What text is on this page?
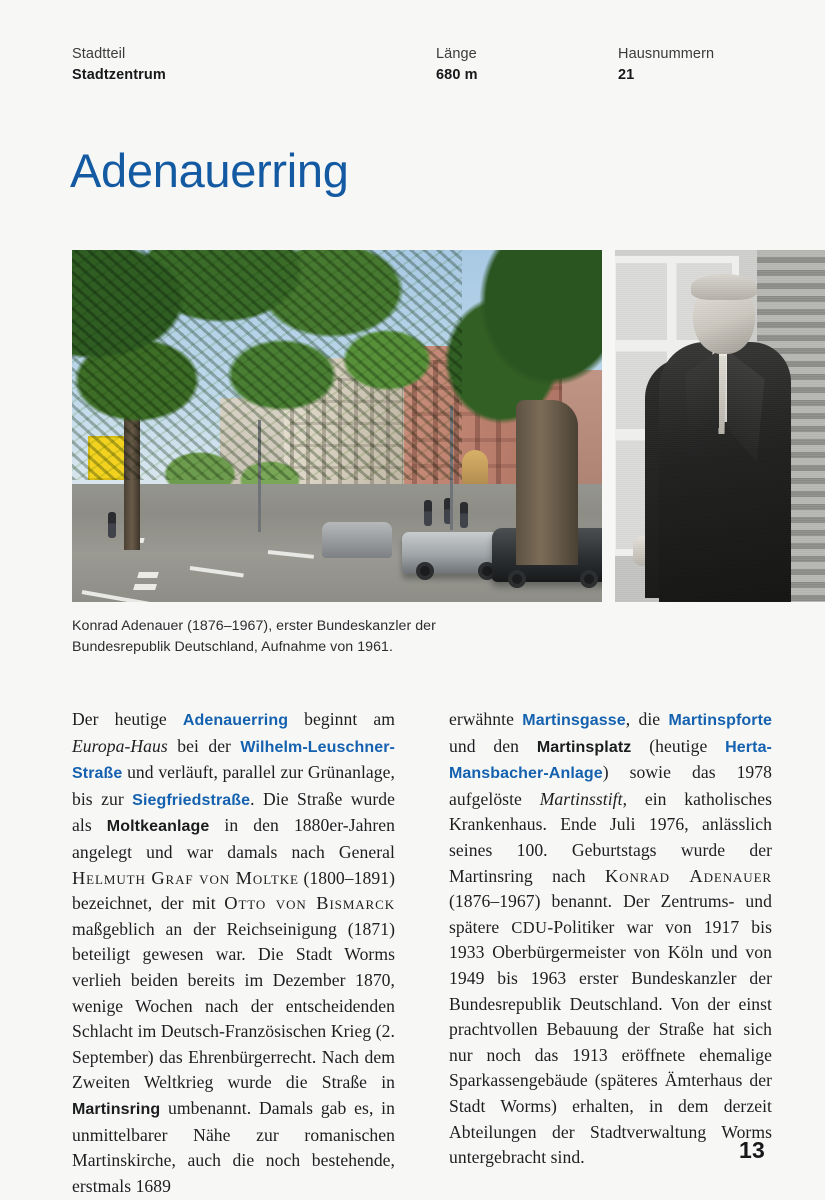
Stadtteil
Stadtzentrum
Länge
680 m
Hausnummern
21
Adenauerring
Konrad Adenauer (1876–1967), erster Bundeskanzler der Bundesrepublik Deutschland, Aufnahme von 1961.

Der heutige Adenauerring beginnt am Europa-Haus bei der Wilhelm-Leuschner-Straße und verläuft, parallel zur Grünanlage, bis zur Siegfriedstraße. Die Straße wurde als Moltkeanlage in den 1880er-Jahren angelegt und war damals nach General Helmuth Graf von Moltke (1800–1891) bezeichnet, der mit Otto von Bismarck maßgeblich an der Reichseinigung (1871) beteiligt gewesen war. Die Stadt Worms verlieh beiden bereits im Dezember 1870, wenige Wochen nach der entscheidenden Schlacht im Deutsch-Französischen Krieg (2. September) das Ehrenbürgerrecht. Nach dem Zweiten Weltkrieg wurde die Straße in Martinsring umbenannt. Damals gab es, in unmittelbarer Nähe zur romanischen Martinskirche, auch die noch bestehende, erstmals 1689

erwähnte Martinsgasse, die Martinspforte und den Martinsplatz (heutige Herta-Mansbacher-Anlage) sowie das 1978 aufgelöste Martinsstift, ein katholisches Krankenhaus. Ende Juli 1976, anlässlich seines 100. Geburtstags wurde der Martinsring nach Konrad Adenauer (1876–1967) benannt. Der Zentrums- und spätere CDU-Politiker war von 1917 bis 1933 Oberbürgermeister von Köln und von 1949 bis 1963 erster Bundeskanzler der Bundesrepublik Deutschland. Von der einst prachtvollen Bebauung der Straße hat sich nur noch das 1913 eröffnete ehemalige Sparkassengebäude (späteres Ämterhaus der Stadt Worms) erhalten, in dem derzeit Abteilungen der Stadtverwaltung Worms untergebracht sind.	13
